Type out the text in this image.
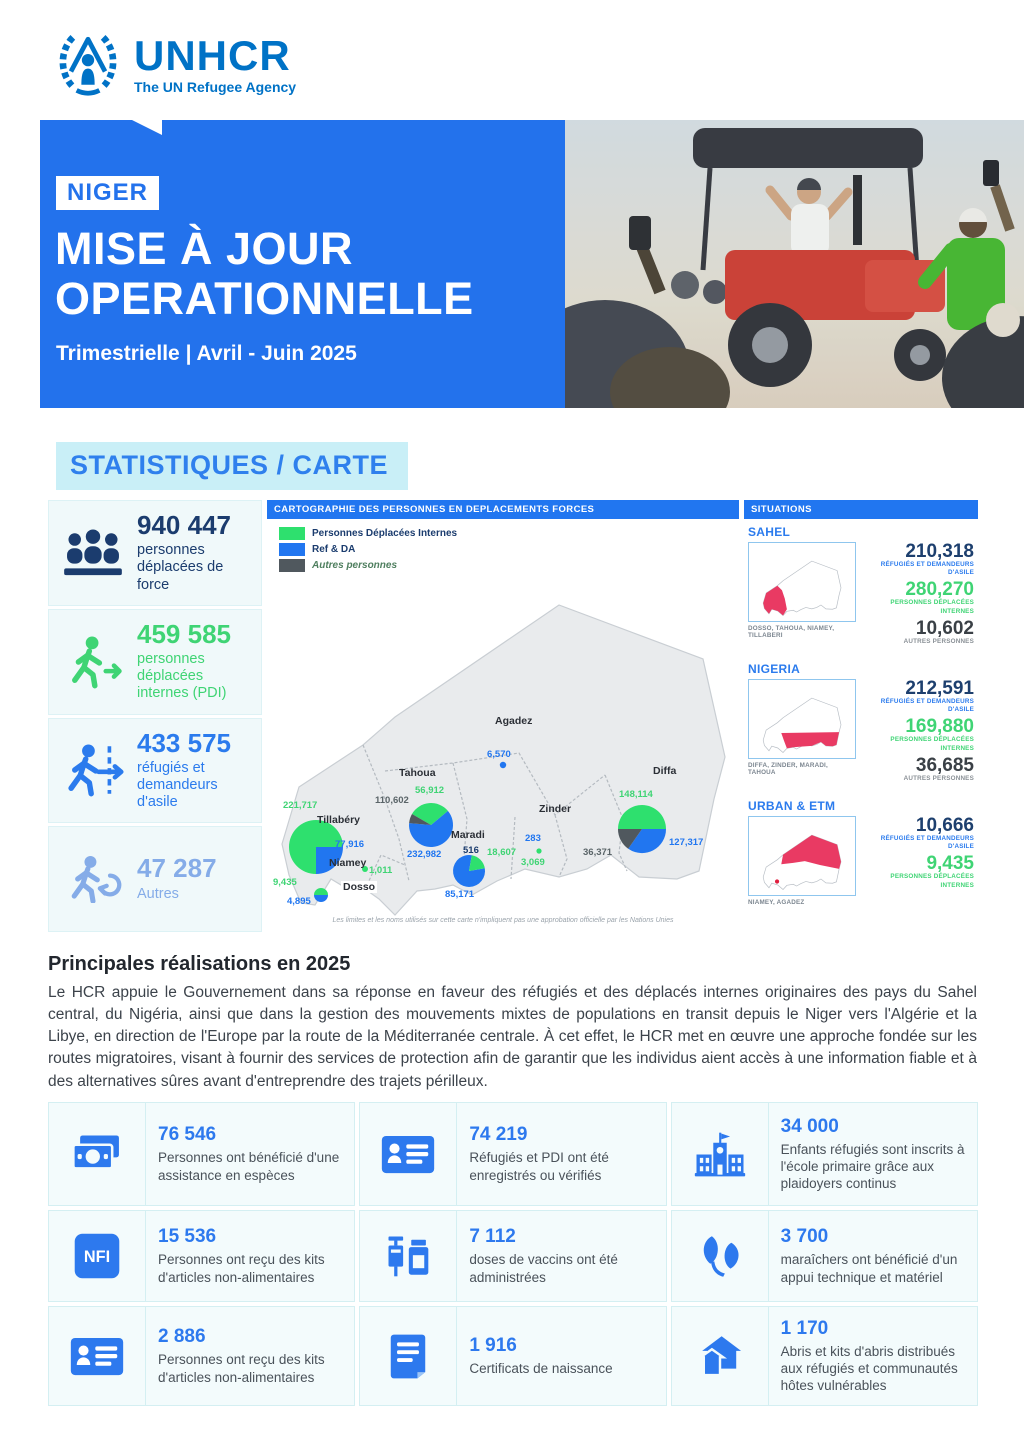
UNHCR
The UN Refugee Agency
NIGER
MISE À JOUR
OPERATIONNELLE
Trimestrielle | Avril - Juin 2025
STATISTIQUES / CARTE
940 447
personnes déplacées de force
459 585
personnes déplacées internes (PDI)
433 575
réfugiés et demandeurs d'asile
47 287
Autres
CARTOGRAPHIE DES PERSONNES EN DEPLACEMENTS FORCES
Personnes Déplacées Internes
Ref & DA
Autres personnes
Tillabéry
221,717
77,916
Niamey
1,011
Dosso
9,435
4,895
Tahoua
110,602
56,912
232,982
Agadez
6,570
Maradi
516 18,607
85,171
Zinder
283
3,069
36,371
Diffa
148,114
127,317
Les limites et les noms utilisés sur cette carte n'impliquent pas une approbation officielle par les Nations Unies
SITUATIONS
SAHEL
DOSSO, TAHOUA, NIAMEY, TILLABERI
210,318
RÉFUGIÉS ET DEMANDEURS D'ASILE
280,270
PERSONNES DÉPLACÉES INTERNES
10,602
AUTRES PERSONNES
NIGERIA
DIFFA, ZINDER, MARADI, TAHOUA
212,591
RÉFUGIÉS ET DEMANDEURS D'ASILE
169,880
PERSONNES DÉPLACÉES INTERNES
36,685
AUTRES PERSONNES
URBAN & ETM
NIAMEY, AGADEZ
10,666
RÉFUGIÉS ET DEMANDEURS D'ASILE
9,435
PERSONNES DÉPLACÉES INTERNES
Principales réalisations en 2025
Le HCR appuie le Gouvernement dans sa réponse en faveur des réfugiés et des déplacés internes originaires des pays du Sahel central, du Nigéria, ainsi que dans la gestion des mouvements mixtes de populations en transit depuis le Niger vers l'Algérie et la Libye, en direction de l'Europe par la route de la Méditerranée centrale. À cet effet, le HCR met en œuvre une approche fondée sur les routes migratoires, visant à fournir des services de protection afin de garantir que les individus aient accès à une information fiable et à des alternatives sûres avant d'entreprendre des trajets périlleux.
76 546
Personnes ont bénéficié d'une assistance en espèces
74 219
Réfugiés et PDI ont été enregistrés ou vérifiés
34 000
Enfants réfugiés sont inscrits à l'école primaire grâce aux plaidoyers continus
NFI
15 536
Personnes ont reçu des kits d'articles non-alimentaires
7 112
doses de vaccins ont été administrées
3 700
maraîchers ont bénéficié d'un appui technique et matériel
2 886
Personnes ont reçu des kits d'articles non-alimentaires
1 916
Certificats de naissance
1 170
Abris et kits d'abris distribués aux réfugiés et communautés hôtes vulnérables
